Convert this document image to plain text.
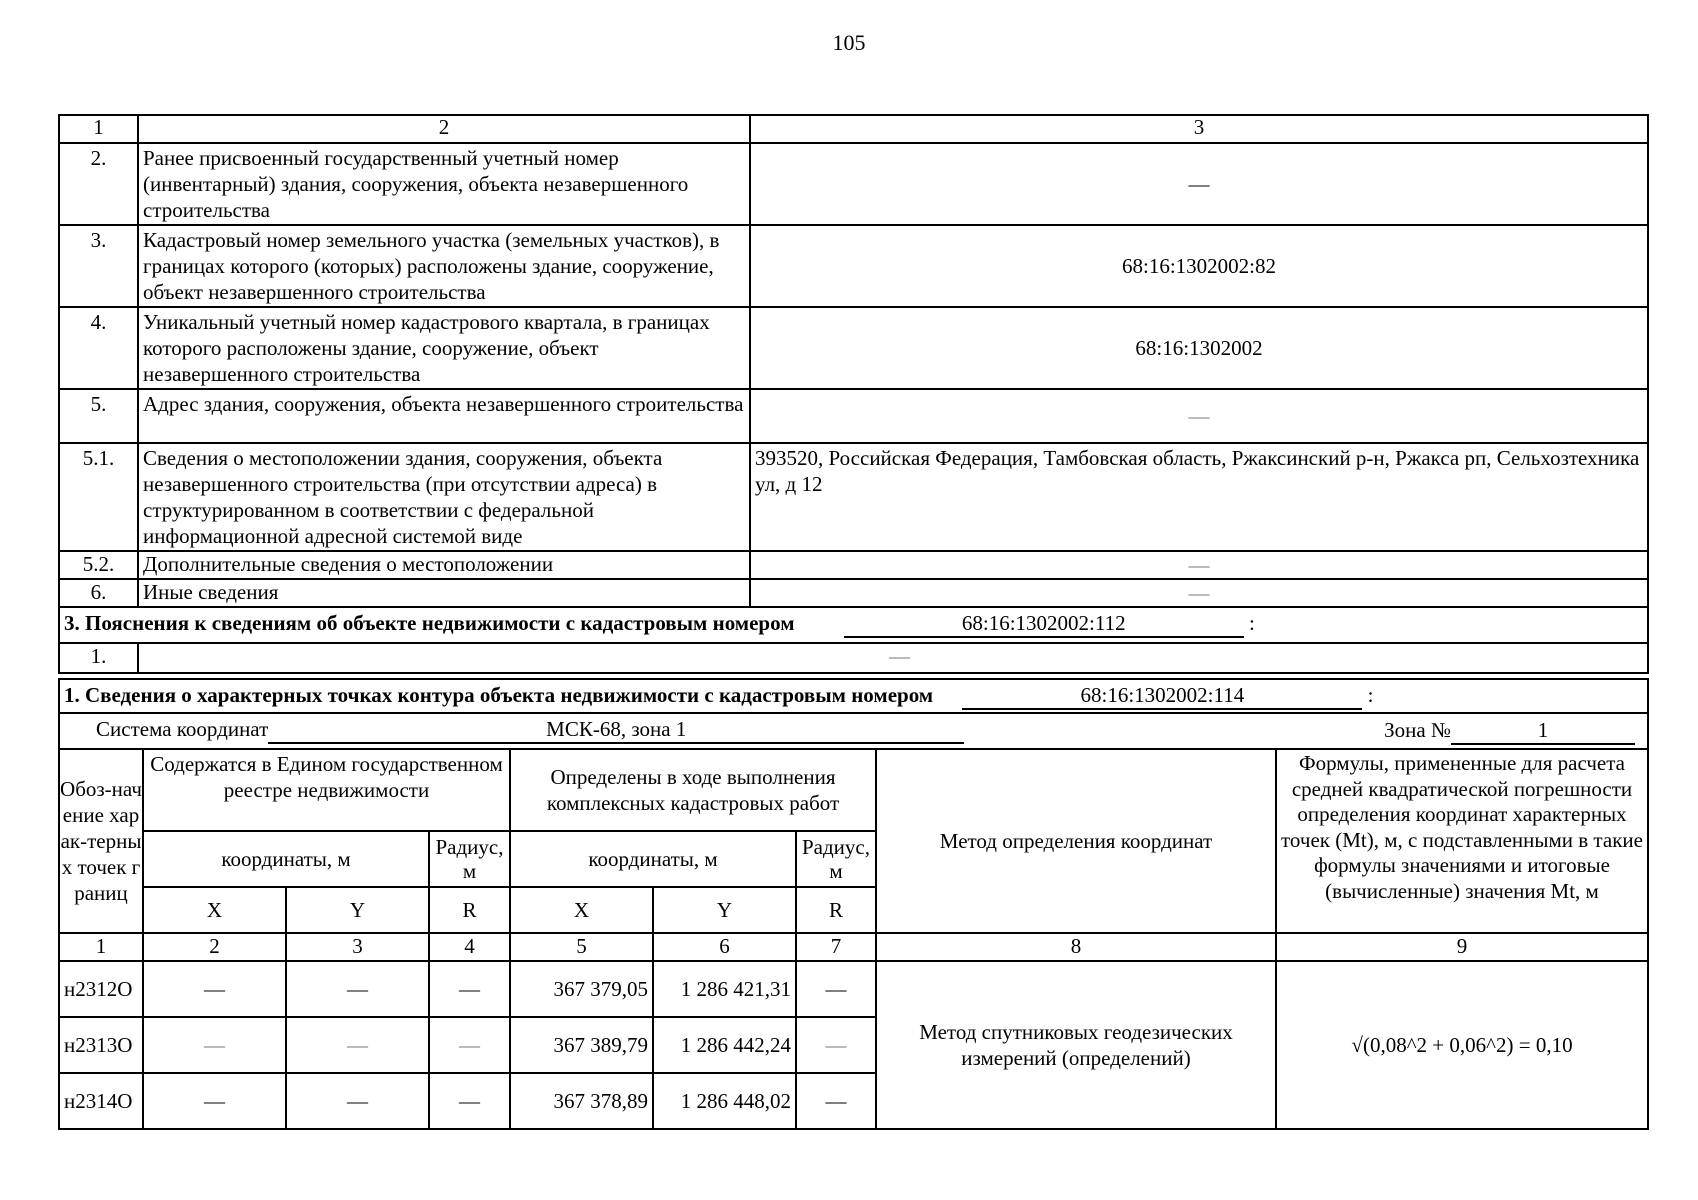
105
1	2	3
2.	Ранее присвоенный государственный учетный номер (инвентарный) здания, сооружения, объекта незавершенного строительства	—
3.	Кадастровый номер земельного участка (земельных участков), в границах которого (которых) расположены здание, сооружение, объект незавершенного строительства	68:16:1302002:82
4.	Уникальный учетный номер кадастрового квартала, в границах которого расположены здание, сооружение, объект незавершенного строительства	68:16:1302002
5.	Адрес здания, сооружения, объекта незавершенного строительства	—
5.1.	Сведения о местоположении здания, сооружения, объекта незавершенного строительства (при отсутствии адреса) в структурированном в соответствии с федеральной информационной адресной системой виде	393520, Российская Федерация, Тамбовская область, Ржаксинский р-н, Ржакса рп, Сельхозтехника ул, д 12
5.2.	Дополнительные сведения о местоположении	—
6.	Иные сведения	—
3. Пояснения к сведениям об объекте недвижимости с кадастровым номером 68:16:1302002:112 :		
1.	—	
1. Сведения о характерных точках контура объекта недвижимости с кадастровым номером 68:16:1302002:114 :								
Система координат МСК-68, зона 1 Зона № 1								

Обоз-начение харак-терных точек границ	Содержатся в Едином государственном реестре недвижимости			Определены в ходе выполнения комплексных кадастровых работ			Метод определения координат	Формулы, примененные для расчета средней квадратической погрешности определения координат характерных точек (Mt), м, с подставленными в такие формулы значениями и итоговые (вычисленные) значения Mt, м
	координаты, м		Радиус, м	координаты, м		Радиус, м		
	X	Y	R	X	Y	R		
1	2	3	4	5	6	7	8	9
н2312О	—	—	—	367 379,05	1 286 421,31	—	Метод спутниковых геодезических измерений (определений)	√(0,08^2 + 0,06^2) = 0,10
н2313О	—	—	—	367 389,79	1 286 442,24	—		
н2314О	—	—	—	367 378,89	1 286 448,02	—		
